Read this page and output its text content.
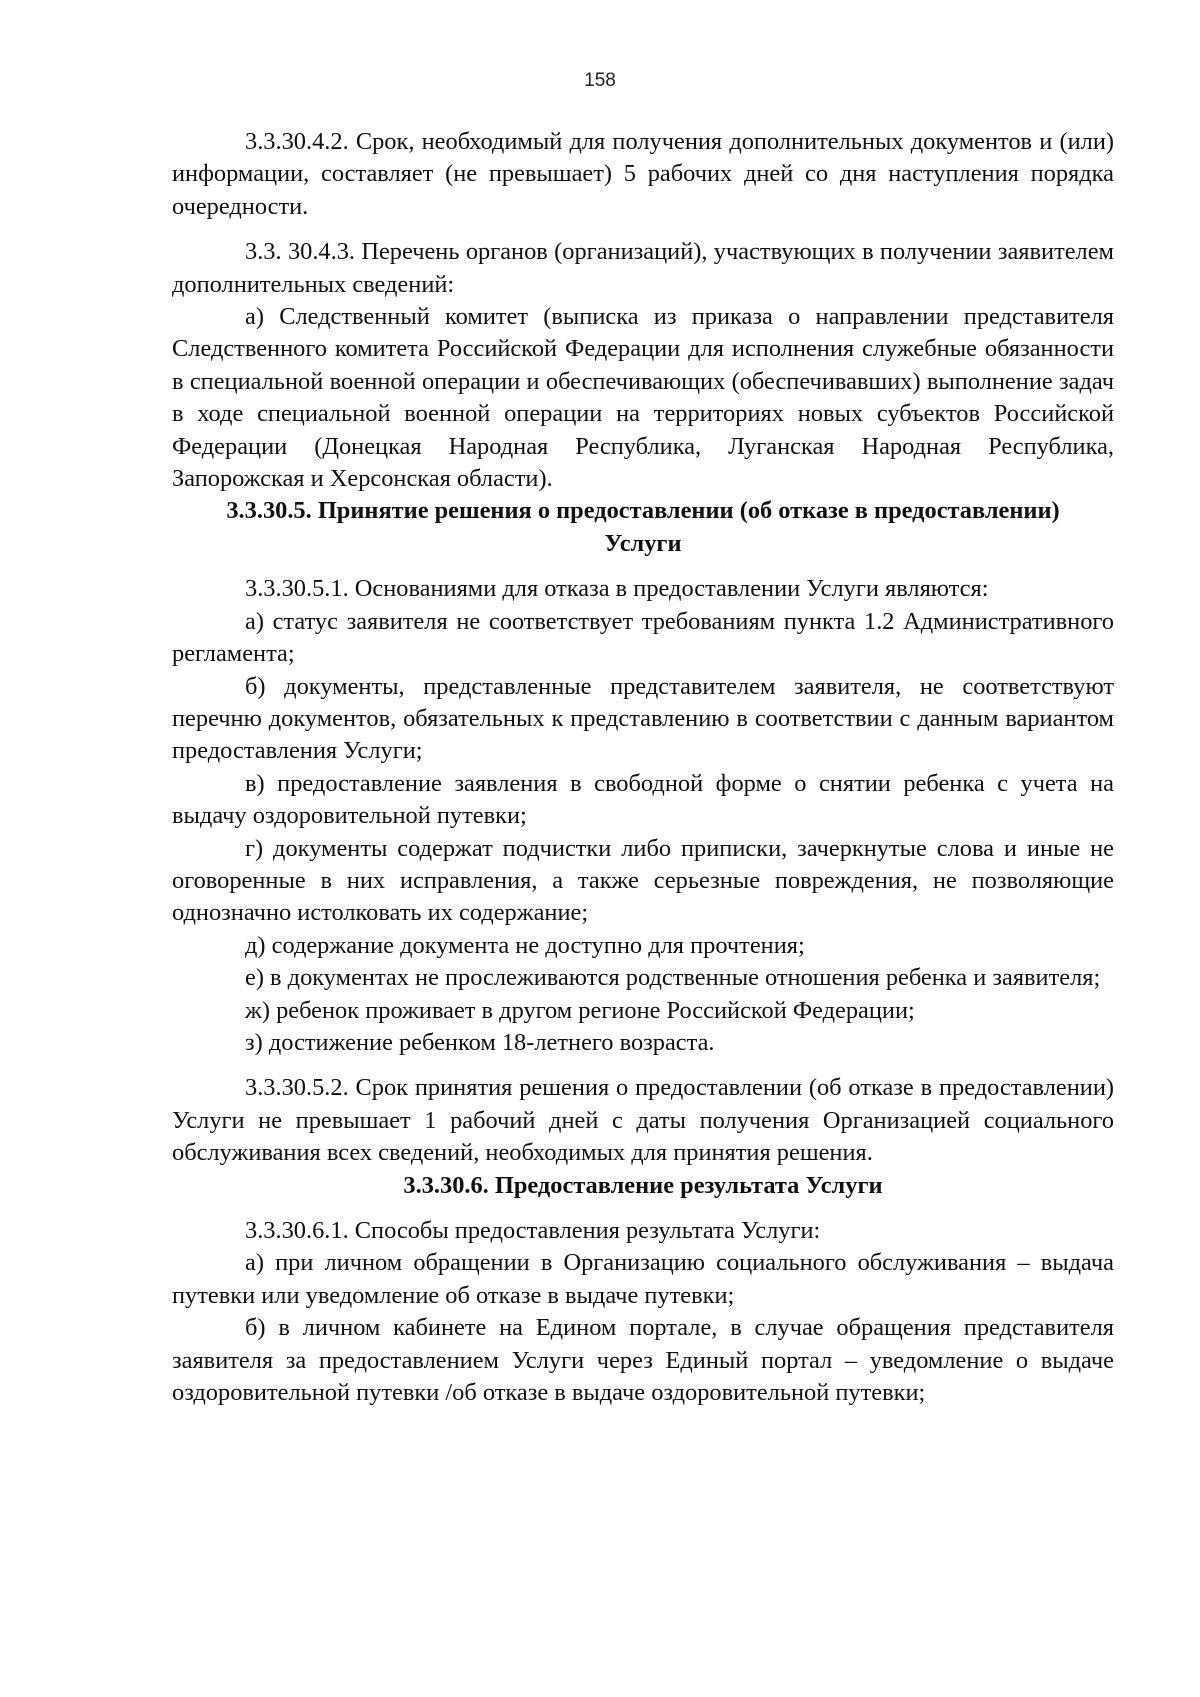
158

3.3.30.4.2. Срок, необходимый для получения дополнительных документов и (или) информации, составляет (не превышает) 5 рабочих дней со дня наступления порядка очередности.

3.3. 30.4.3. Перечень органов (организаций), участвующих в получении заявителем дополнительных сведений:

а) Следственный комитет (выписка из приказа о направлении представителя Следственного комитета Российской Федерации для исполнения служебные обязанности в специальной военной операции и обеспечивающих (обеспечивавших) выполнение задач в ходе специальной военной операции на территориях новых субъектов Российской Федерации (Донецкая Народная Республика, Луганская Народная Республика, Запорожская и Херсонская области).

3.3.30.5. Принятие решения о предоставлении (об отказе в предоставлении) Услуги

3.3.30.5.1. Основаниями для отказа в предоставлении Услуги являются:

а) статус заявителя не соответствует требованиям пункта 1.2 Административного регламента;

б) документы, представленные представителем заявителя, не соответствуют перечню документов, обязательных к представлению в соответствии с данным вариантом предоставления Услуги;

в) предоставление заявления в свободной форме о снятии ребенка с учета на выдачу оздоровительной путевки;

г) документы содержат подчистки либо приписки, зачеркнутые слова и иные не оговоренные в них исправления, а также серьезные повреждения, не позволяющие однозначно истолковать их содержание;

д) содержание документа не доступно для прочтения;

е) в документах не прослеживаются родственные отношения ребенка и заявителя;

ж) ребенок проживает в другом регионе Российской Федерации;

з) достижение ребенком 18-летнего возраста.

3.3.30.5.2. Срок принятия решения о предоставлении (об отказе в предоставлении) Услуги не превышает 1 рабочий дней с даты получения Организацией социального обслуживания всех сведений, необходимых для принятия решения.

3.3.30.6. Предоставление результата Услуги

3.3.30.6.1. Способы предоставления результата Услуги:

а) при личном обращении в Организацию социального обслуживания – выдача путевки или уведомление об отказе в выдаче путевки;

б) в личном кабинете на Едином портале, в случае обращения представителя заявителя за предоставлением Услуги через Единый портал – уведомление о выдаче оздоровительной путевки /об отказе в выдаче оздоровительной путевки;
